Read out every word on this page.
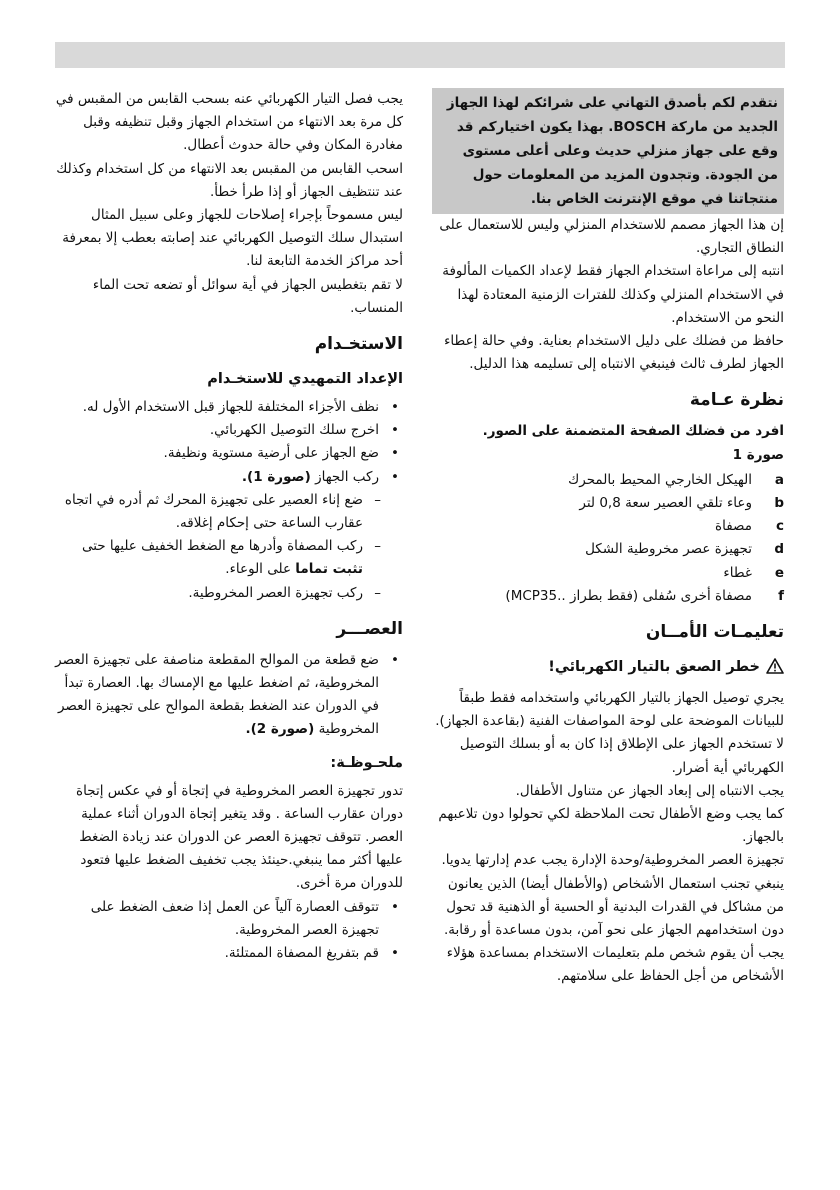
نتقدم لكم بأصدق التهاني على شرائكم لهذا الجهاز الجديد من ماركة BOSCH. بهذا يكون اختياركم قد وقع على جهاز منزلي حديث وعلى أعلى مستوى من الجودة. وتجدون المزيد من المعلومات حول منتجاتنا في موقع الإنترنت الخاص بنا.

إن هذا الجهاز مصمم للاستخدام المنزلي وليس للاستعمال على النطاق التجاري.

انتبه إلى مراعاة استخدام الجهاز فقط لإعداد الكميات المألوفة في الاستخدام المنزلي وكذلك للفترات الزمنية المعتادة لهذا النحو من الاستخدام.

حافظ من فضلك على دليل الاستخدام بعناية. وفي حالة إعطاء الجهاز لطرف ثالث فينبغي الانتباه إلى تسليمه هذا الدليل.

نظرة عـامة

افرد من فضلك الصفحة المتضمنة على الصور.

صورة 1

a	الهيكل الخارجي المحيط بالمحرك
b	وعاء تلقي العصير سعة 0,8 لتر
c	مصفاة
d	تجهيزة عصر مخروطية الشكل
e	غطاء
f	مصفاة أخرى سُفلى (فقط بطراز ..MCP35)
تعليمـات الأمــان
خطر الصعق بالتيار الكهربائي!

يجري توصيل الجهاز بالتيار الكهربائي واستخدامه فقط طبقاً للبيانات الموضحة على لوحة المواصفات الفنية (بقاعدة الجهاز).

لا تستخدم الجهاز على الإطلاق إذا كان به أو بسلك التوصيل الكهربائي أية أضرار.

يجب الانتباه إلى إبعاد الجهاز عن متناول الأطفال.

كما يجب وضع الأطفال تحت الملاحظة لكي تحولوا دون تلاعبهم بالجهاز.

تجهيزة العصر المخروطية/وحدة الإدارة يجب عدم إدارتها يدويا.

ينبغي تجنب استعمال الأشخاص (والأطفال أيضا) الذين يعانون من مشاكل في القدرات البدنية أو الحسية أو الذهنية قد تحول دون استخدامهم الجهاز على نحو آمن، بدون مساعدة أو رقابة. يجب أن يقوم شخص ملم بتعليمات الاستخدام بمساعدة هؤلاء الأشخاص من أجل الحفاظ على سلامتهم.

يجب فصل التيار الكهربائي عنه بسحب القابس من المقبس في كل مرة بعد الانتهاء من استخدام الجهاز وقبل تنظيفه وقبل مغادرة المكان وفي حالة حدوث أعطال.

اسحب القابس من المقبس بعد الانتهاء من كل استخدام وكذلك عند تنتظيف الجهاز أو إذا طرأ خطأ.

ليس مسموحاً بإجراء إصلاحات للجهاز وعلى سبيل المثال استبدال سلك التوصيل الكهربائي عند إصابته بعطب إلا بمعرفة أحد مراكز الخدمة التابعة لنا.

لا تقم بتغطيس الجهاز في أية سوائل أو تضعه تحت الماء المنساب.

الاستخـدام
الإعداد التمهيدي للاستخـدام
• نظف الأجزاء المختلفة للجهاز قبل الاستخدام الأول له.
• اخرج سلك التوصيل الكهربائي.
• ضع الجهاز على أرضية مستوية ونظيفة.
• ركب الجهاز (صورة 1).
– ضع إناء العصير على تجهيزة المحرك ثم أدره في اتجاه عقارب الساعة حتى إحكام إغلاقه.
– ركب المصفاة وأدرها مع الضغط الخفيف عليها حتى تثبت تماما على الوعاء.
– ركب تجهيزة العصر المخروطية.
العصـــر
• ضع قطعة من الموالح المقطعة مناصفة على تجهيزة العصر المخروطية، ثم اضغط عليها مع الإمساك بها. العصارة تبدأ في الدوران عند الضغط بقطعة الموالح على تجهيزة العصر المخروطية (صورة 2).
ملحـوظـة:

تدور تجهيزة العصر المخروطية في إتجاة أو في عكس إتجاة دوران عقارب الساعة . وقد يتغير إتجاة الدوران أثناء عملية العصر. تتوقف تجهيزة العصر عن الدوران عند زيادة الضغط

عليها أكثر مما ينبغي.حينئذ يجب تخفيف الضغط عليها فتعود للدوران مرة أخرى.

• تتوقف العصارة آلياً عن العمل إذا ضعف الضغط على تجهيزة العصر المخروطية.
• قم بتفريغ المصفاة الممتلئة.
